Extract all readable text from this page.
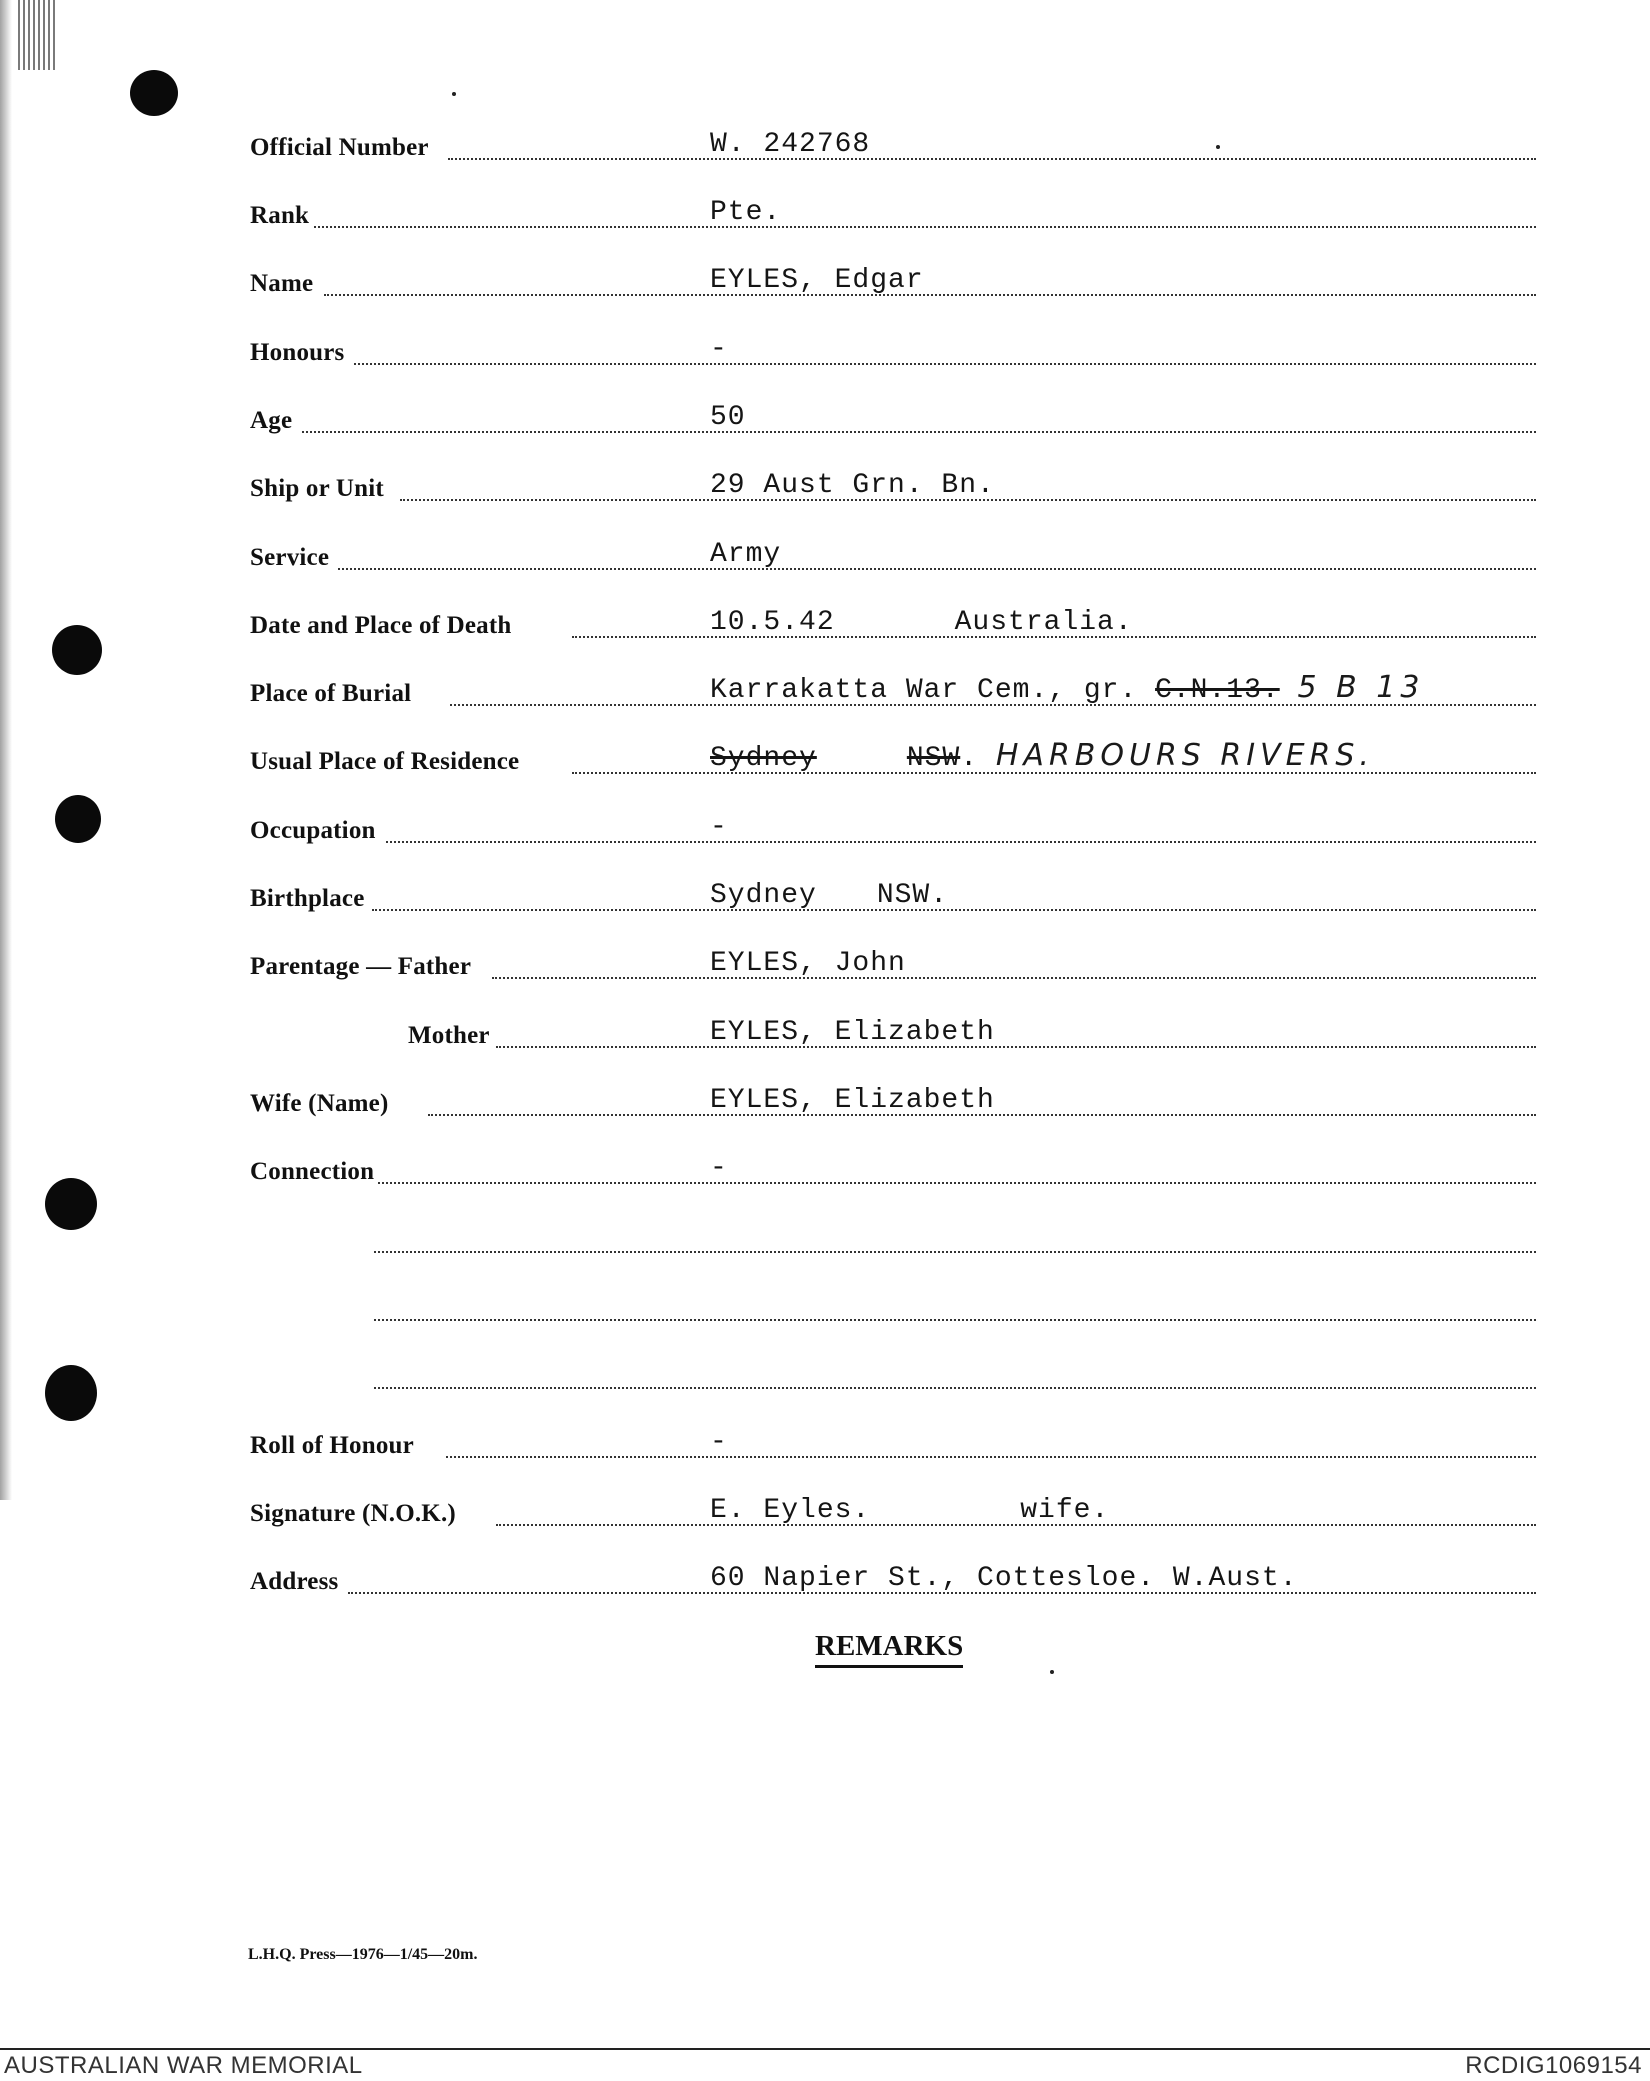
Official Number	W. 242768
Rank	Pte.
Name	EYLES, Edgar
Honours	-
Age	50
Ship or Unit	29 Aust Grn. Bn.
Service	Army
Date and Place of Death	10.5.42	Australia.
Place of Burial	Karrakatta War Cem., gr. C.N.13. 5 B 13
Usual Place of Residence	Sydney	NSW. HARBOURS RIVERS.
Occupation	-
Birthplace	Sydney NSW.
Parentage — Father	EYLES, John
Mother	EYLES, Elizabeth
Wife (Name)	EYLES, Elizabeth
Connection	-
Roll of Honour	-
Signature (N.O.K.)	E. Eyles.	wife.
Address	60 Napier St., Cottesloe. W.Aust.
REMARKS
L.H.Q. Press—1976—1/45—20m.
AUSTRALIAN WAR MEMORIAL	RCDIG1069154
